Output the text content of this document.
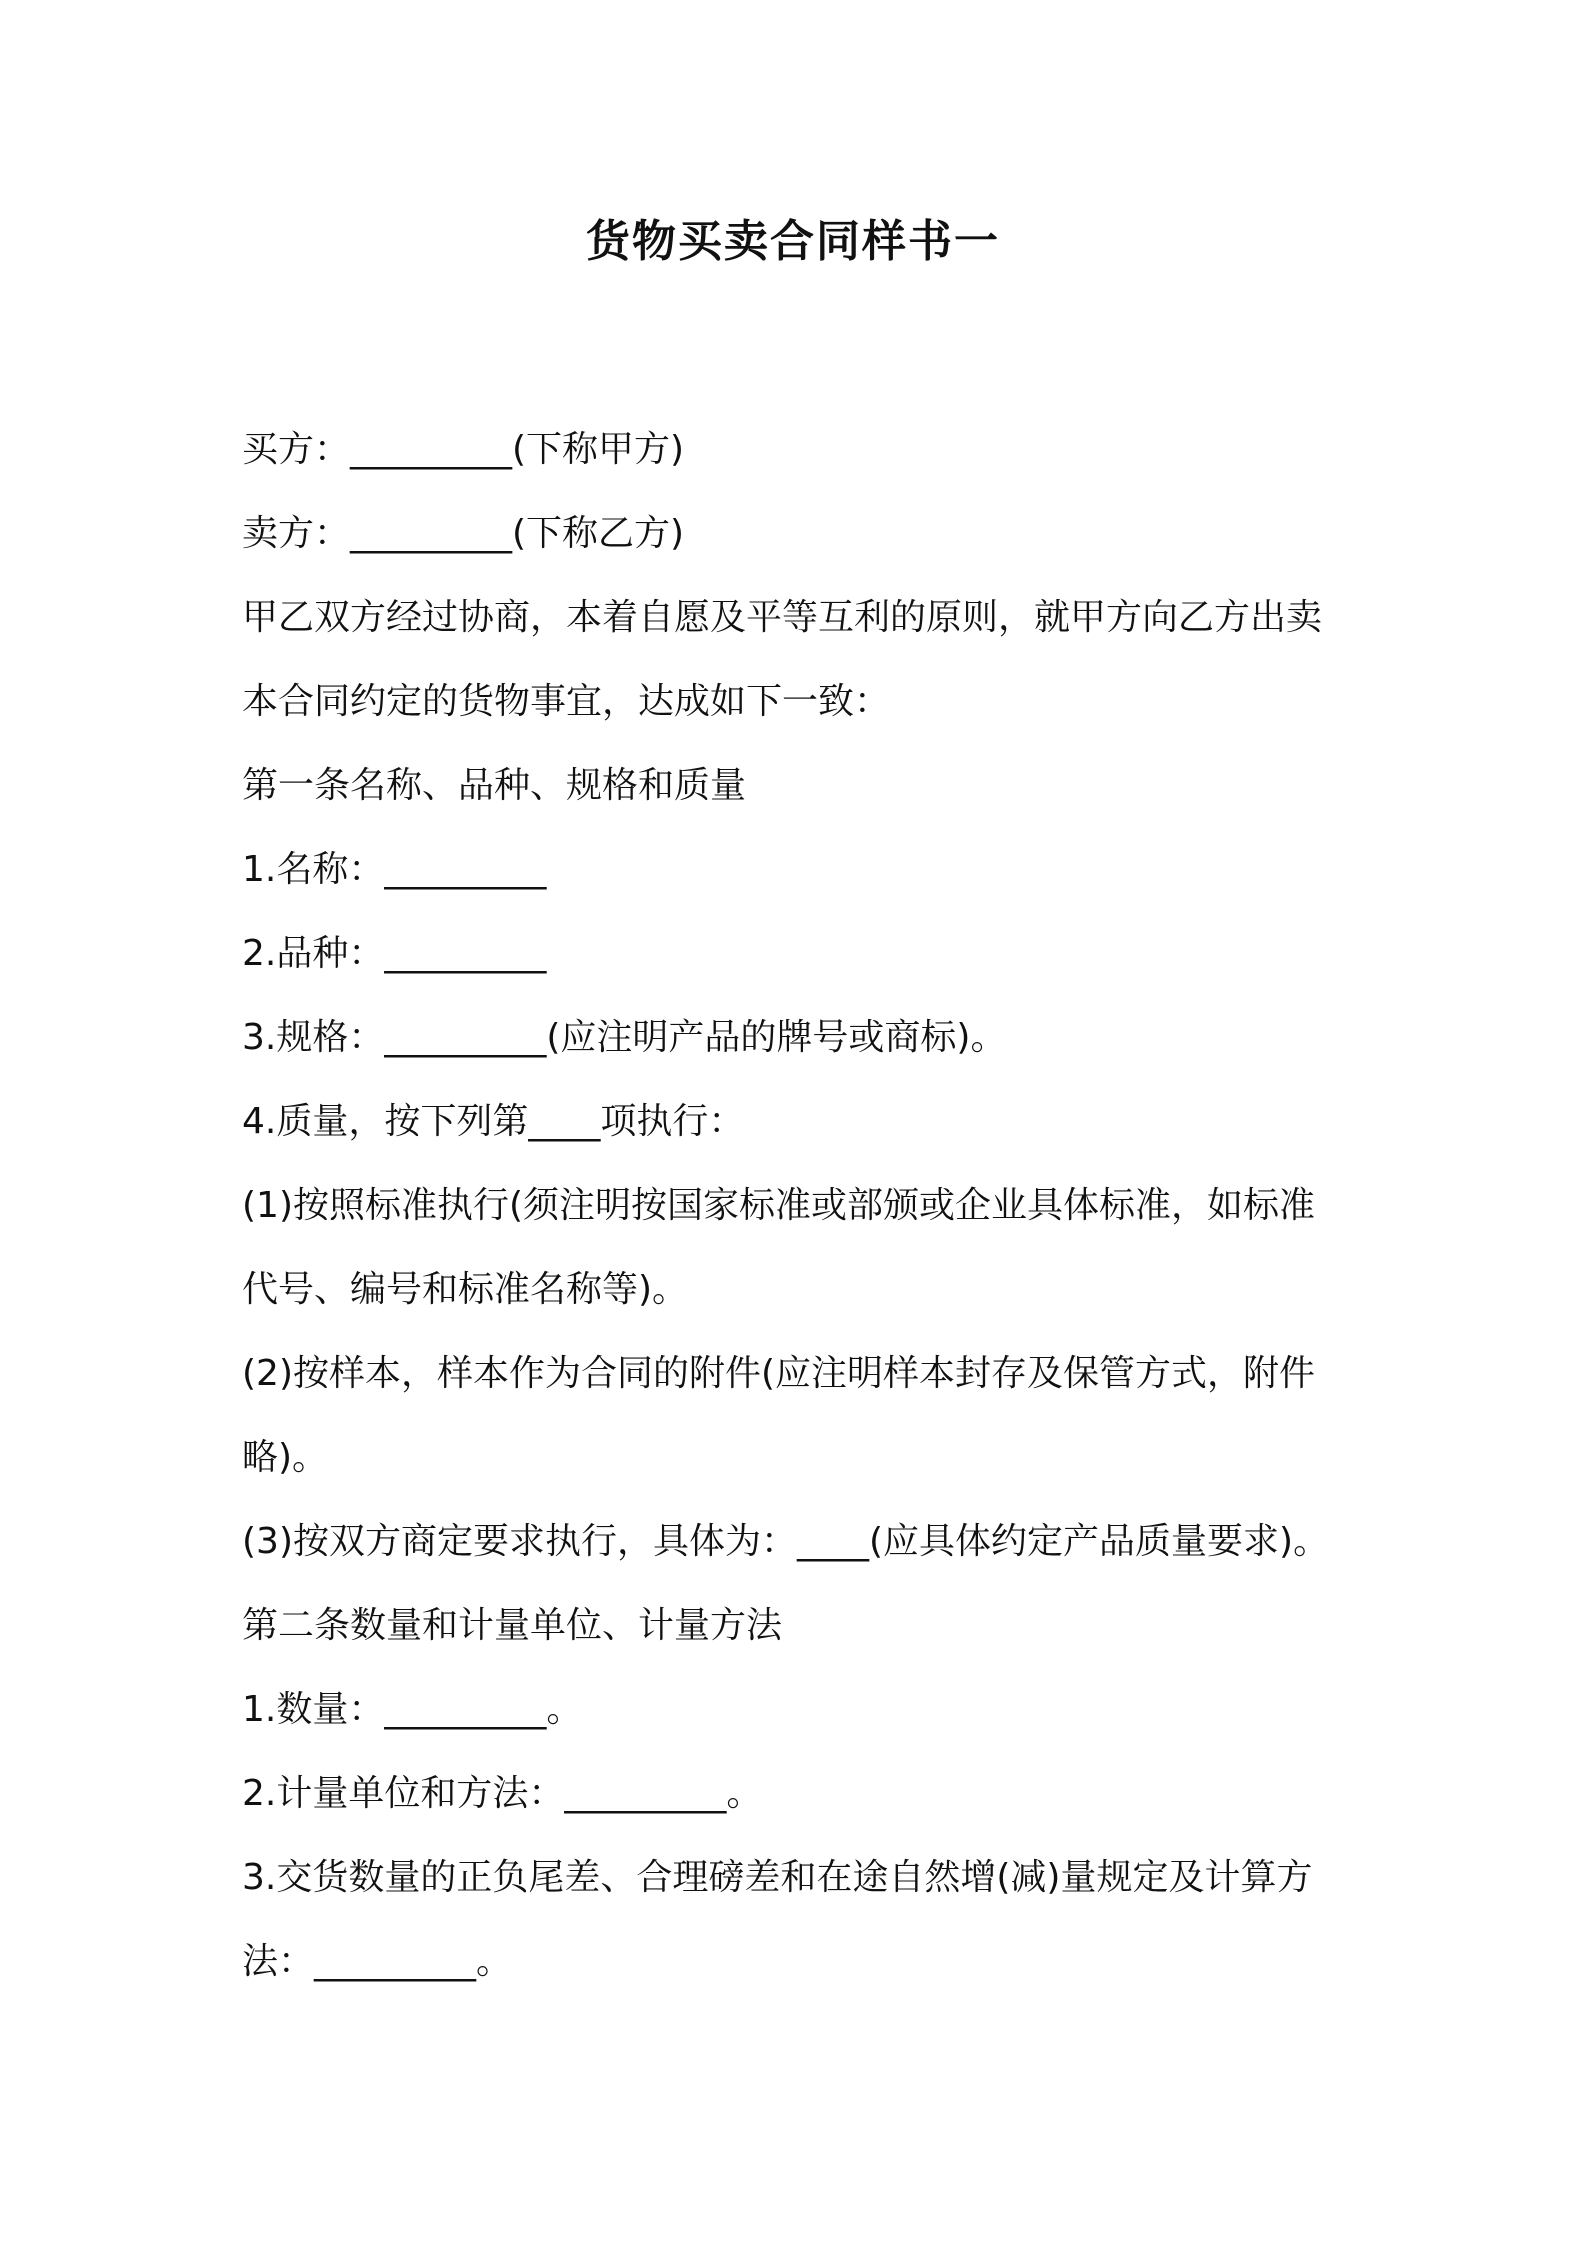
货物买卖合同样书一
买方：_________(下称甲方)
卖方：_________(下称乙方)
甲乙双方经过协商，本着自愿及平等互利的原则，就甲方向乙方出卖
本合同约定的货物事宜，达成如下一致：
第一条名称、品种、规格和质量
1.名称：_________
2.品种：_________
3.规格：_________(应注明产品的牌号或商标)。
4.质量，按下列第____项执行：
(1)按照标准执行(须注明按国家标准或部颁或企业具体标准，如标准
代号、编号和标准名称等)。
(2)按样本，样本作为合同的附件(应注明样本封存及保管方式，附件
略)。
(3)按双方商定要求执行，具体为：____(应具体约定产品质量要求)。
第二条数量和计量单位、计量方法
1.数量：_________。
2.计量单位和方法：_________。
3.交货数量的正负尾差、合理磅差和在途自然增(减)量规定及计算方
法：_________。
